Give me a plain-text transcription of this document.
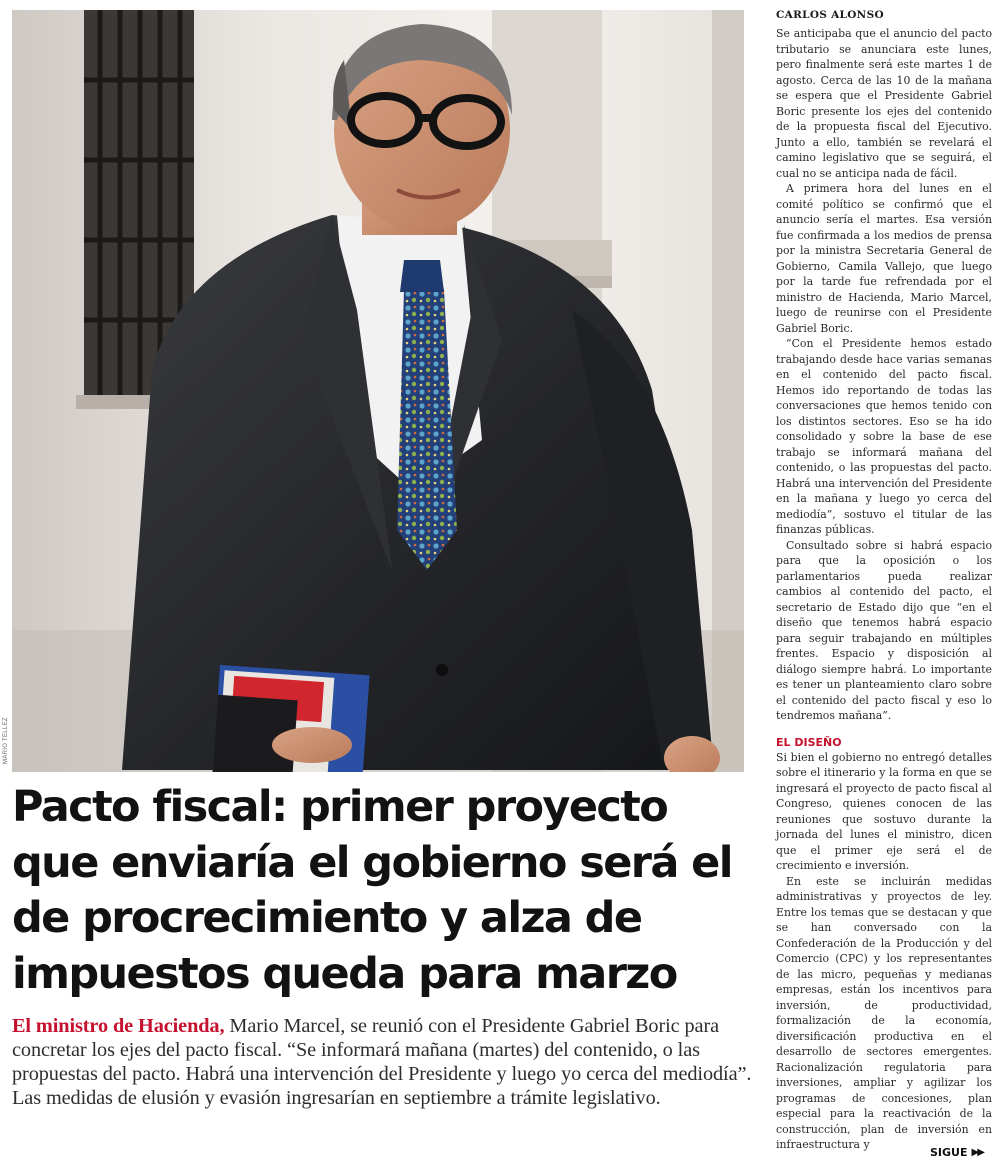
MARIO TÉLLEZ
Pacto fiscal: primer proyecto que enviaría el gobierno será el de procrecimiento y alza de impuestos queda para marzo

El ministro de Hacienda, Mario Marcel, se reunió con el Presidente Gabriel Boric para concretar los ejes del pacto fiscal. “Se informará mañana (martes) del contenido, o las propuestas del pacto. Habrá una intervención del Presidente y luego yo cerca del mediodía”. Las medidas de elusión y evasión ingresarían en septiembre a trámite legislativo.

CARLOS ALONSO

Se anticipaba que el anuncio del pacto tributario se anunciara este lunes, pero finalmente será este martes 1 de agosto. Cerca de las 10 de la mañana se espera que el Presidente Gabriel Boric presente los ejes del contenido de la propuesta fiscal del Ejecutivo. Junto a ello, también se revelará el camino legislativo que se seguirá, el cual no se anticipa nada de fácil.

A primera hora del lunes en el comité político se confirmó que el anuncio sería el martes. Esa versión fue confirmada a los medios de prensa por la ministra Secretaria General de Gobierno, Camila Vallejo, que luego por la tarde fue refrendada por el ministro de Hacienda, Mario Marcel, luego de reunirse con el Presidente Gabriel Boric.

“Con el Presidente hemos estado trabajando desde hace varias semanas en el contenido del pacto fiscal. Hemos ido reportando de todas las conversaciones que hemos tenido con los distintos sectores. Eso se ha ido consolidado y sobre la base de ese trabajo se informará mañana del contenido, o las propuestas del pacto. Habrá una intervención del Presidente en la mañana y luego yo cerca del mediodía”, sostuvo el titular de las finanzas públicas.

Consultado sobre si habrá espacio para que la oposición o los parlamentarios pueda realizar cambios al contenido del pacto, el secretario de Estado dijo que “en el diseño que tenemos habrá espacio para seguir trabajando en múltiples frentes. Espacio y disposición al diálogo siempre habrá. Lo importante es tener un planteamiento claro sobre el contenido del pacto fiscal y eso lo tendremos mañana”.

EL DISEÑO

Si bien el gobierno no entregó detalles sobre el itinerario y la forma en que se ingresará el proyecto de pacto fiscal al Congreso, quienes conocen de las reuniones que sostuvo durante la jornada del lunes el ministro, dicen que el primer eje será el de crecimiento e inversión.

En este se incluirán medidas administrativas y proyectos de ley. Entre los temas que se destacan y que se han conversado con la Confederación de la Producción y del Comercio (CPC) y los representantes de las micro, pequeñas y medianas empresas, están los incentivos para inversión, de productividad, formalización de la economía, diversificación productiva en el desarrollo de sectores emergentes. Racionalización regulatoria para inversiones, ampliar y agilizar los programas de concesiones, plan especial para la reactivación de la construcción, plan de inversión en infraestructura y

SIGUE ▶▶
